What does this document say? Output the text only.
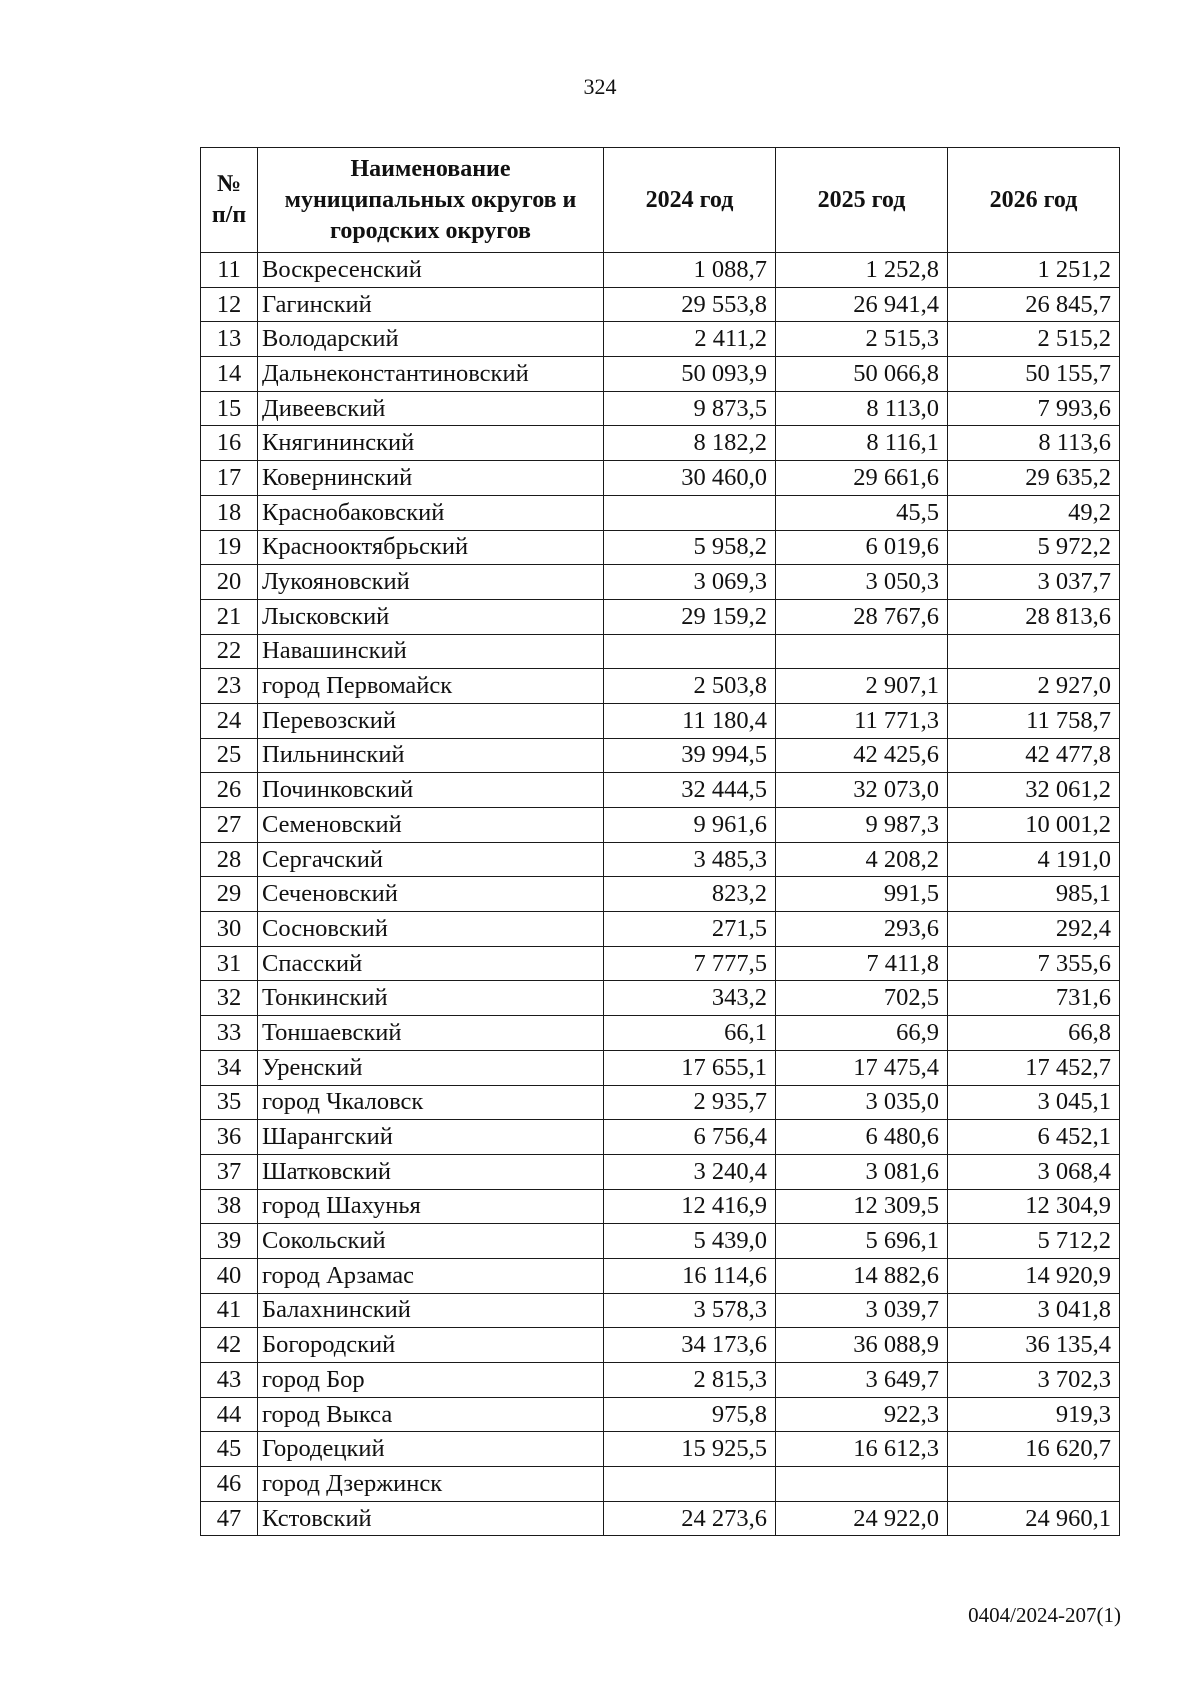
324
№ п/п	Наименование муниципальных округов и городских округов	2024 год	2025 год	2026 год
11	Воскресенский	1 088,7	1 252,8	1 251,2
12	Гагинский	29 553,8	26 941,4	26 845,7
13	Володарский	2 411,2	2 515,3	2 515,2
14	Дальнеконстантиновский	50 093,9	50 066,8	50 155,7
15	Дивеевский	9 873,5	8 113,0	7 993,6
16	Княгининский	8 182,2	8 116,1	8 113,6
17	Ковернинский	30 460,0	29 661,6	29 635,2
18	Краснобаковский		45,5	49,2
19	Краснооктябрьский	5 958,2	6 019,6	5 972,2
20	Лукояновский	3 069,3	3 050,3	3 037,7
21	Лысковский	29 159,2	28 767,6	28 813,6
22	Навашинский			
23	город Первомайск	2 503,8	2 907,1	2 927,0
24	Перевозский	11 180,4	11 771,3	11 758,7
25	Пильнинский	39 994,5	42 425,6	42 477,8
26	Починковский	32 444,5	32 073,0	32 061,2
27	Семеновский	9 961,6	9 987,3	10 001,2
28	Сергачский	3 485,3	4 208,2	4 191,0
29	Сеченовский	823,2	991,5	985,1
30	Сосновский	271,5	293,6	292,4
31	Спасский	7 777,5	7 411,8	7 355,6
32	Тонкинский	343,2	702,5	731,6
33	Тоншаевский	66,1	66,9	66,8
34	Уренский	17 655,1	17 475,4	17 452,7
35	город Чкаловск	2 935,7	3 035,0	3 045,1
36	Шарангский	6 756,4	6 480,6	6 452,1
37	Шатковский	3 240,4	3 081,6	3 068,4
38	город Шахунья	12 416,9	12 309,5	12 304,9
39	Сокольский	5 439,0	5 696,1	5 712,2
40	город Арзамас	16 114,6	14 882,6	14 920,9
41	Балахнинский	3 578,3	3 039,7	3 041,8
42	Богородский	34 173,6	36 088,9	36 135,4
43	город Бор	2 815,3	3 649,7	3 702,3
44	город Выкса	975,8	922,3	919,3
45	Городецкий	15 925,5	16 612,3	16 620,7
46	город Дзержинск			
47	Кстовский	24 273,6	24 922,0	24 960,1
0404/2024-207(1)
